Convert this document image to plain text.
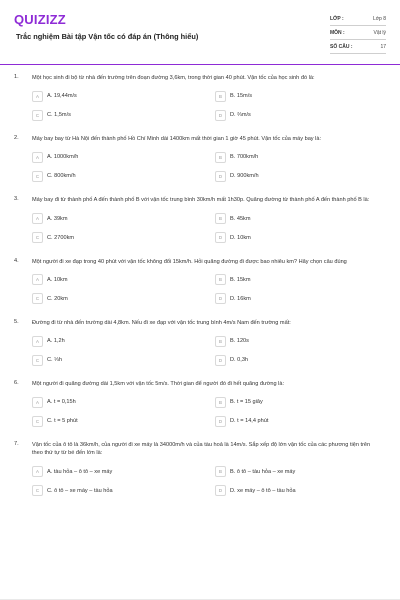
QUIZIZZ
Trắc nghiệm Bài tập Vận tốc có đáp án (Thông hiểu)
LỚP :	Lớp 8
MÔN :	Vật lý
SỐ CÂU :	17
1. Một học sinh đi bộ từ nhà đến trường trên đoạn đường 3,6km, trong thời gian 40 phút. Vận tốc của học sinh đó là:
A	A. 19,44m/s	B	B. 15m/s
C	C. 1,5m/s	D	D. ⅔m/s
2. Máy bay bay từ Hà Nội đến thành phố Hồ Chí Minh dài 1400km mất thời gian 1 giờ 45 phút. Vận tốc của máy bay là:
A	A. 1000km/h	B	B. 700km/h
C	C. 800km/h	D	D. 900km/h
3. Máy bay đi từ thành phố A đến thành phố B với vận tốc trung bình 30km/h mất 1h30p. Quãng đường từ thành phố A đến thành phố B là:
A	A. 39km	B	B. 45km
C	C. 2700km	D	D. 10km
4. Một người đi xe đạp trong 40 phút với vận tốc không đổi 15km/h. Hỏi quãng đường đi được bao nhiêu km? Hãy chọn câu đúng
A	A. 10km	B	B. 15km
C	C. 20km	D	D. 16km
5. Đường đi từ nhà đến trường dài 4,8km. Nếu đi xe đạp với vận tốc trung bình 4m/s Nam đến trường mất:
A	A. 1,2h	B	B. 120s
C	C. ⅓h	D	D. 0,3h
6. Một người đi quãng đường dài 1,5km với vận tốc 5m/s. Thời gian để người đó đi hết quãng đường là:
A	A. t = 0,15h	B	B. t = 15 giây
C	C. t = 5 phút	D	D. t = 14,4 phút
7. Vận tốc của ô tô là 36km/h, của người đi xe máy là 34000m/h và của tàu hoả là 14m/s. Sắp xếp độ lớn vận tốc của các phương tiện trên theo thứ tự từ bé đến lớn là:
A	A. tàu hỏa – ô tô – xe máy	B	B. ô tô – tàu hỏa – xe máy
C	C. ô tô – xe máy – tàu hỏa	D	D. xe máy – ô tô – tàu hỏa
